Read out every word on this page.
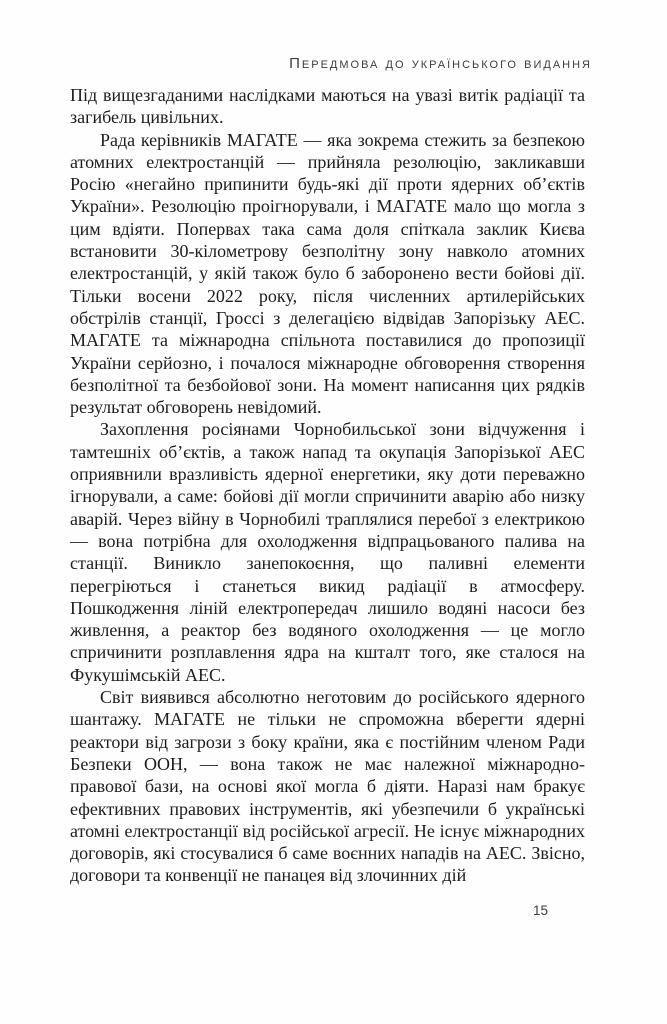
Передмова до українського видання

Під вищезгаданими наслідками маються на увазі витік радіації та загибель цивільних.

Рада керівників МАГАТЕ — яка зокрема стежить за безпекою атомних електростанцій — прийняла резолюцію, закликавши Росію «негайно припинити будь-які дії проти ядерних об’єктів України». Резолюцію проігнорували, і МАГАТЕ мало що могла з цим вдіяти. Попервах така сама доля спіткала заклик Києва встановити 30-кілометрову безполітну зону навколо атомних електростанцій, у якій також було б заборонено вести бойові дії. Тільки восени 2022 року, після численних артилерійських обстрілів станції, Гроссі з делегацією відвідав Запорізьку АЕС. МАГАТЕ та міжнародна спільнота поставилися до пропозиції України серйозно, і почалося міжнародне обговорення створення безполітної та безбойової зони. На момент написання цих рядків результат обговорень невідомий.

Захоплення росіянами Чорнобильської зони відчуження і тамтешніх об’єктів, а також напад та окупація Запорізької АЕС оприявнили вразливість ядерної енергетики, яку доти переважно ігнорували, а саме: бойові дії могли спричинити аварію або низку аварій. Через війну в Чорнобилі траплялися перебої з електрикою — вона потрібна для охолодження відпрацьованого палива на станції. Виникло занепокоєння, що паливні елементи перегріються і станеться викид радіації в атмосферу. Пошкодження ліній електропередач лишило водяні насоси без живлення, а реактор без водяного охолодження — це могло спричинити розплавлення ядра на кшталт того, яке сталося на Фукушімській АЕС.

Світ виявився абсолютно неготовим до російського ядерного шантажу. МАГАТЕ не тільки не спроможна вберегти ядерні реактори від загрози з боку країни, яка є постійним членом Ради Безпеки ООН, — вона також не має належної міжнародно-правової бази, на основі якої могла б діяти. Наразі нам бракує ефективних правових інструментів, які убезпечили б українські атомні електростанції від російської агресії. Не існує міжнародних договорів, які стосувалися б саме воєнних нападів на АЕС. Звісно, договори та конвенції не панацея від злочинних дій

15
